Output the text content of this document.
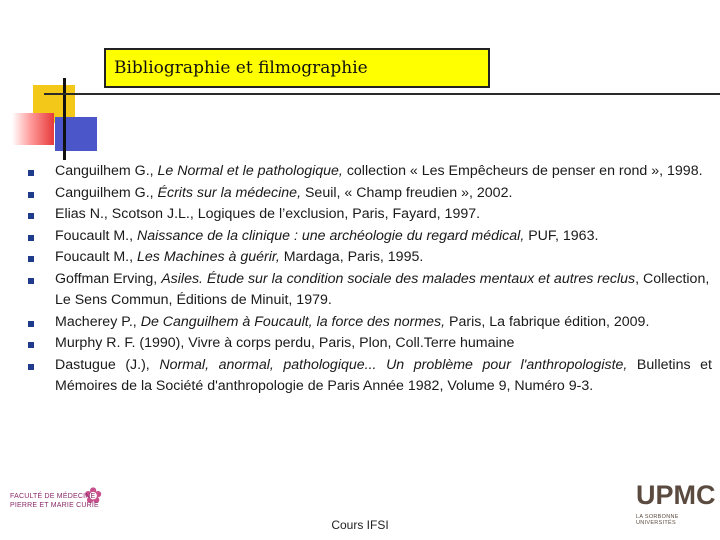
Bibliographie et filmographie
Canguilhem G., Le Normal et le pathologique, collection « Les Empêcheurs de penser en rond », 1998.
Canguilhem G., Écrits sur la médecine, Seuil, « Champ freudien », 2002.
Elias N., Scotson J.L., Logiques de l’exclusion, Paris, Fayard, 1997.
Foucault M., Naissance de la clinique : une archéologie du regard médical, PUF, 1963.
Foucault M., Les Machines à guérir, Mardaga, Paris, 1995.
Goffman Erving, Asiles. Étude sur la condition sociale des malades mentaux et autres reclus, Collection, Le Sens Commun, Éditions de Minuit, 1979.
Macherey P., De Canguilhem à Foucault, la force des normes, Paris, La fabrique édition, 2009.
Murphy R. F. (1990), Vivre à corps perdu, Paris, Plon, Coll.Terre humaine
Dastugue (J.), Normal, anormal, pathologique... Un problème pour l'anthropologiste, Bulletins et Mémoires de la Société d'anthropologie de Paris Année 1982, Volume 9, Numéro 9-3.
✿
FACULTÉ DE MÉDECINE
PIERRE ET MARIE CURIE
Cours IFSI
UPMC
LA SORBONNE UNIVERSITÉS
